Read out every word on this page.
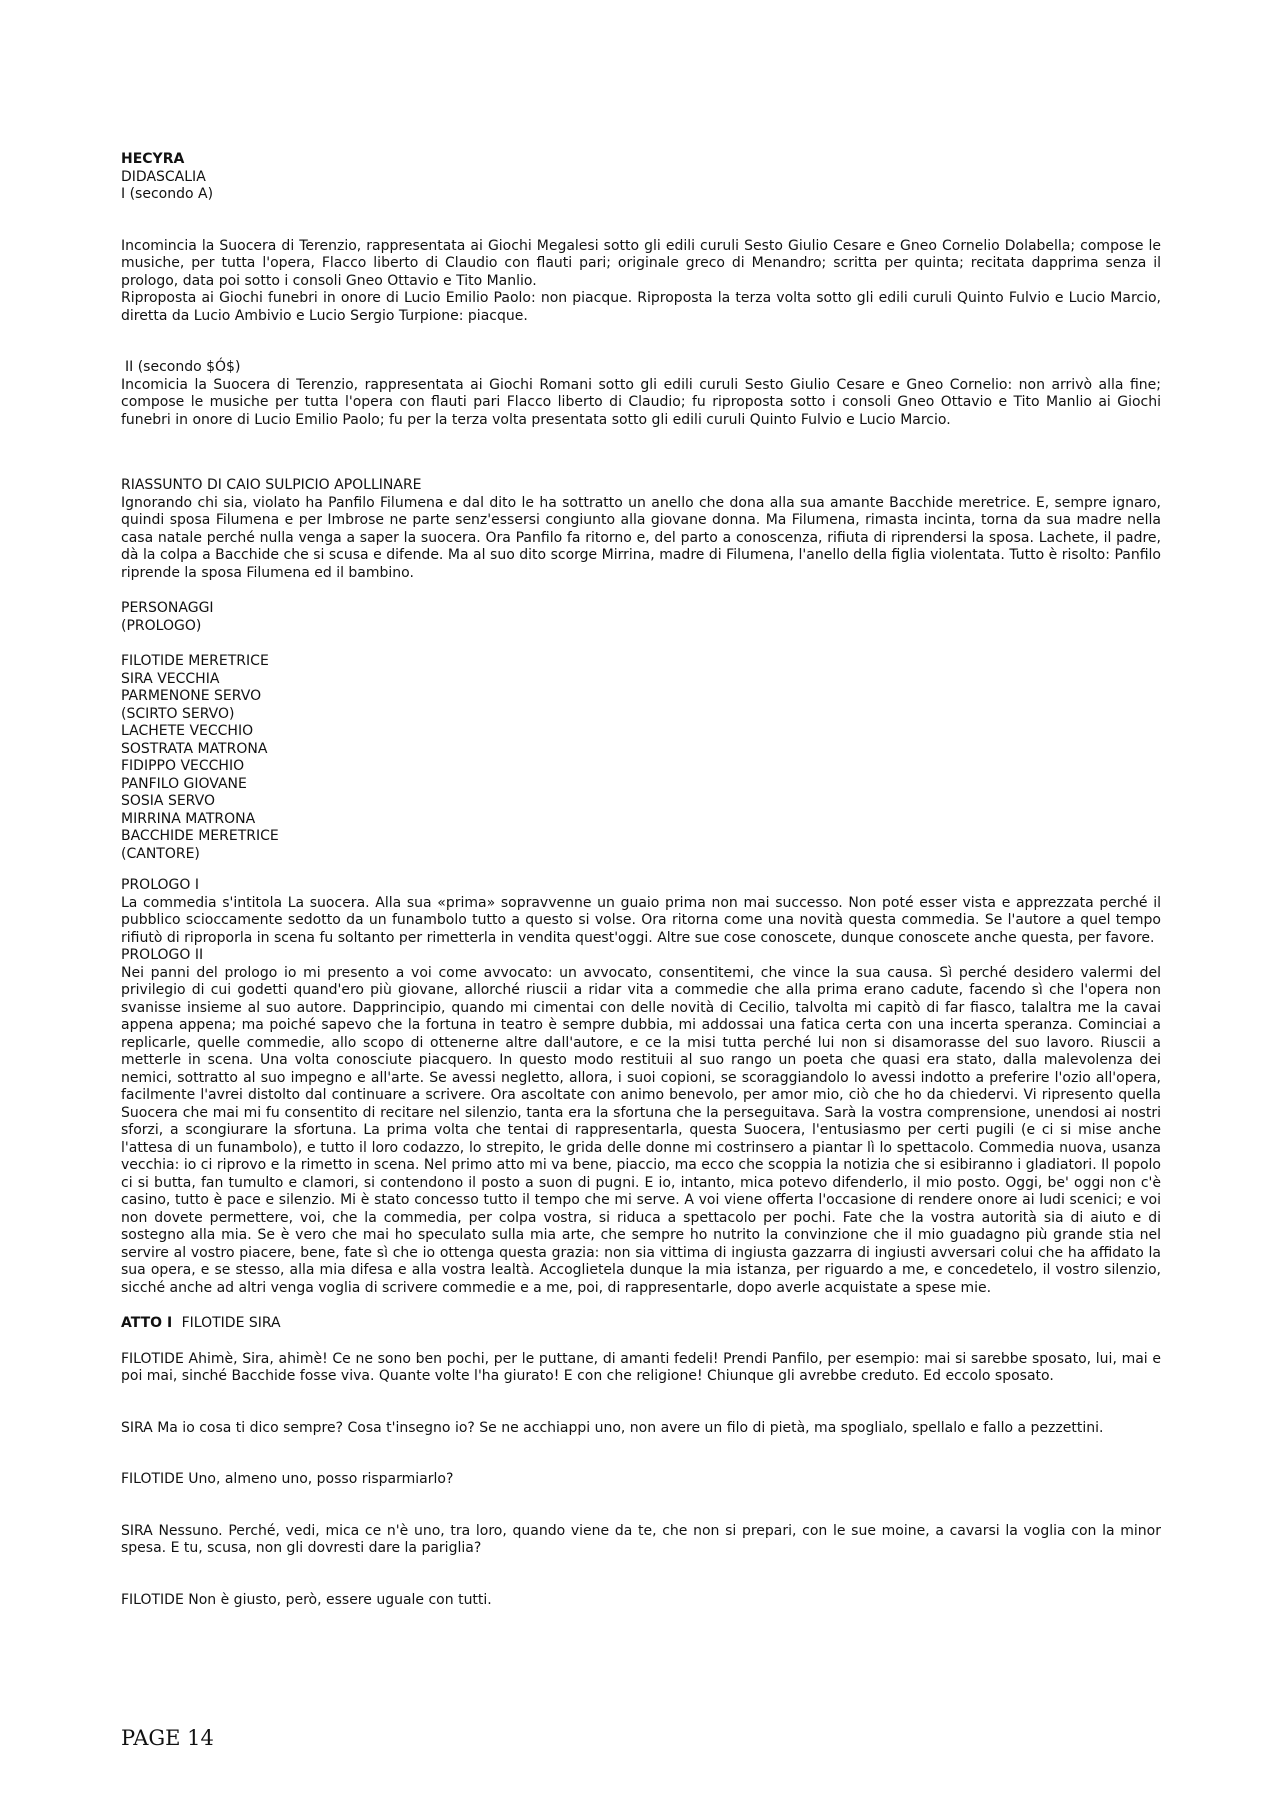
HECYRA
DIDASCALIA
I (secondo A)
Incomincia la Suocera di Terenzio, rappresentata ai Giochi Megalesi sotto gli edili curuli Sesto Giulio Cesare e Gneo Cornelio Dolabella; compose le musiche, per tutta l'opera, Flacco liberto di Claudio con flauti pari; originale greco di Menandro; scritta per quinta; recitata dapprima senza il prologo, data poi sotto i consoli Gneo Ottavio e Tito Manlio.
Riproposta ai Giochi funebri in onore di Lucio Emilio Paolo: non piacque. Riproposta la terza volta sotto gli edili curuli Quinto Fulvio e Lucio Marcio, diretta da Lucio Ambivio e Lucio Sergio Turpione: piacque.
II (secondo $Ó$)
Incomicia la Suocera di Terenzio, rappresentata ai Giochi Romani sotto gli edili curuli Sesto Giulio Cesare e Gneo Cornelio: non arrivò alla fine; compose le musiche per tutta l'opera con flauti pari Flacco liberto di Claudio; fu riproposta sotto i consoli Gneo Ottavio e Tito Manlio ai Giochi funebri in onore di Lucio Emilio Paolo; fu per la terza volta presentata sotto gli edili curuli Quinto Fulvio e Lucio Marcio.
RIASSUNTO DI CAIO SULPICIO APOLLINARE
Ignorando chi sia, violato ha Panfilo Filumena e dal dito le ha sottratto un anello che dona alla sua amante Bacchide meretrice. E, sempre ignaro, quindi sposa Filumena e per Imbrose ne parte senz'essersi congiunto alla giovane donna. Ma Filumena, rimasta incinta, torna da sua madre nella casa natale perché nulla venga a saper la suocera. Ora Panfilo fa ritorno e, del parto a conoscenza, rifiuta di riprendersi la sposa. Lachete, il padre, dà la colpa a Bacchide che si scusa e difende. Ma al suo dito scorge Mirrina, madre di Filumena, l'anello della figlia violentata. Tutto è risolto: Panfilo riprende la sposa Filumena ed il bambino.
PERSONAGGI
(PROLOGO)
FILOTIDE MERETRICE
SIRA VECCHIA
PARMENONE SERVO
(SCIRTO SERVO)
LACHETE VECCHIO
SOSTRATA MATRONA
FIDIPPO VECCHIO
PANFILO GIOVANE
SOSIA SERVO
MIRRINA MATRONA
BACCHIDE MERETRICE
(CANTORE)
PROLOGO I
La commedia s'intitola La suocera. Alla sua «prima» sopravvenne un guaio prima non mai successo. Non poté esser vista e apprezzata perché il pubblico scioccamente sedotto da un funambolo tutto a questo si volse. Ora ritorna come una novità questa commedia. Se l'autore a quel tempo rifiutò di riproporla in scena fu soltanto per rimetterla in vendita quest'oggi. Altre sue cose conoscete, dunque conoscete anche questa, per favore.
PROLOGO II
Nei panni del prologo io mi presento a voi come avvocato: un avvocato, consentitemi, che vince la sua causa. Sì perché desidero valermi del privilegio di cui godetti quand'ero più giovane, allorché riuscii a ridar vita a commedie che alla prima erano cadute, facendo sì che l'opera non svanisse insieme al suo autore. Dapprincipio, quando mi cimentai con delle novità di Cecilio, talvolta mi capitò di far fiasco, talaltra me la cavai appena appena; ma poiché sapevo che la fortuna in teatro è sempre dubbia, mi addossai una fatica certa con una incerta speranza. Cominciai a replicarle, quelle commedie, allo scopo di ottenerne altre dall'autore, e ce la misi tutta perché lui non si disamorasse del suo lavoro. Riuscii a metterle in scena. Una volta conosciute piacquero. In questo modo restituii al suo rango un poeta che quasi era stato, dalla malevolenza dei nemici, sottratto al suo impegno e all'arte. Se avessi negletto, allora, i suoi copioni, se scoraggiandolo lo avessi indotto a preferire l'ozio all'opera, facilmente l'avrei distolto dal continuare a scrivere. Ora ascoltate con animo benevolo, per amor mio, ciò che ho da chiedervi. Vi ripresento quella Suocera che mai mi fu consentito di recitare nel silenzio, tanta era la sfortuna che la perseguitava. Sarà la vostra comprensione, unendosi ai nostri sforzi, a scongiurare la sfortuna. La prima volta che tentai di rappresentarla, questa Suocera, l'entusiasmo per certi pugili (e ci si mise anche l'attesa di un funambolo), e tutto il loro codazzo, lo strepito, le grida delle donne mi costrinsero a piantar lì lo spettacolo. Commedia nuova, usanza vecchia: io ci riprovo e la rimetto in scena. Nel primo atto mi va bene, piaccio, ma ecco che scoppia la notizia che si esibiranno i gladiatori. Il popolo ci si butta, fan tumulto e clamori, si contendono il posto a suon di pugni. E io, intanto, mica potevo difenderlo, il mio posto. Oggi, be' oggi non c'è casino, tutto è pace e silenzio. Mi è stato concesso tutto il tempo che mi serve. A voi viene offerta l'occasione di rendere onore ai ludi scenici; e voi non dovete permettere, voi, che la commedia, per colpa vostra, si riduca a spettacolo per pochi. Fate che la vostra autorità sia di aiuto e di sostegno alla mia. Se è vero che mai ho speculato sulla mia arte, che sempre ho nutrito la convinzione che il mio guadagno più grande stia nel servire al vostro piacere, bene, fate sì che io ottenga questa grazia: non sia vittima di ingiusta gazzarra di ingiusti avversari colui che ha affidato la sua opera, e se stesso, alla mia difesa e alla vostra lealtà. Accoglietela dunque la mia istanza, per riguardo a me, e concedetelo, il vostro silenzio, sicché anche ad altri venga voglia di scrivere commedie e a me, poi, di rappresentarle, dopo averle acquistate a spese mie.
ATTO I FILOTIDE SIRA
FILOTIDE Ahimè, Sira, ahimè! Ce ne sono ben pochi, per le puttane, di amanti fedeli! Prendi Panfilo, per esempio: mai si sarebbe sposato, lui, mai e poi mai, sinché Bacchide fosse viva. Quante volte l'ha giurato! E con che religione! Chiunque gli avrebbe creduto. Ed eccolo sposato.
SIRA Ma io cosa ti dico sempre? Cosa t'insegno io? Se ne acchiappi uno, non avere un filo di pietà, ma spoglialo, spellalo e fallo a pezzettini.
FILOTIDE Uno, almeno uno, posso risparmiarlo?
SIRA Nessuno. Perché, vedi, mica ce n'è uno, tra loro, quando viene da te, che non si prepari, con le sue moine, a cavarsi la voglia con la minor spesa. E tu, scusa, non gli dovresti dare la pariglia?
FILOTIDE Non è giusto, però, essere uguale con tutti.
PAGE 14
